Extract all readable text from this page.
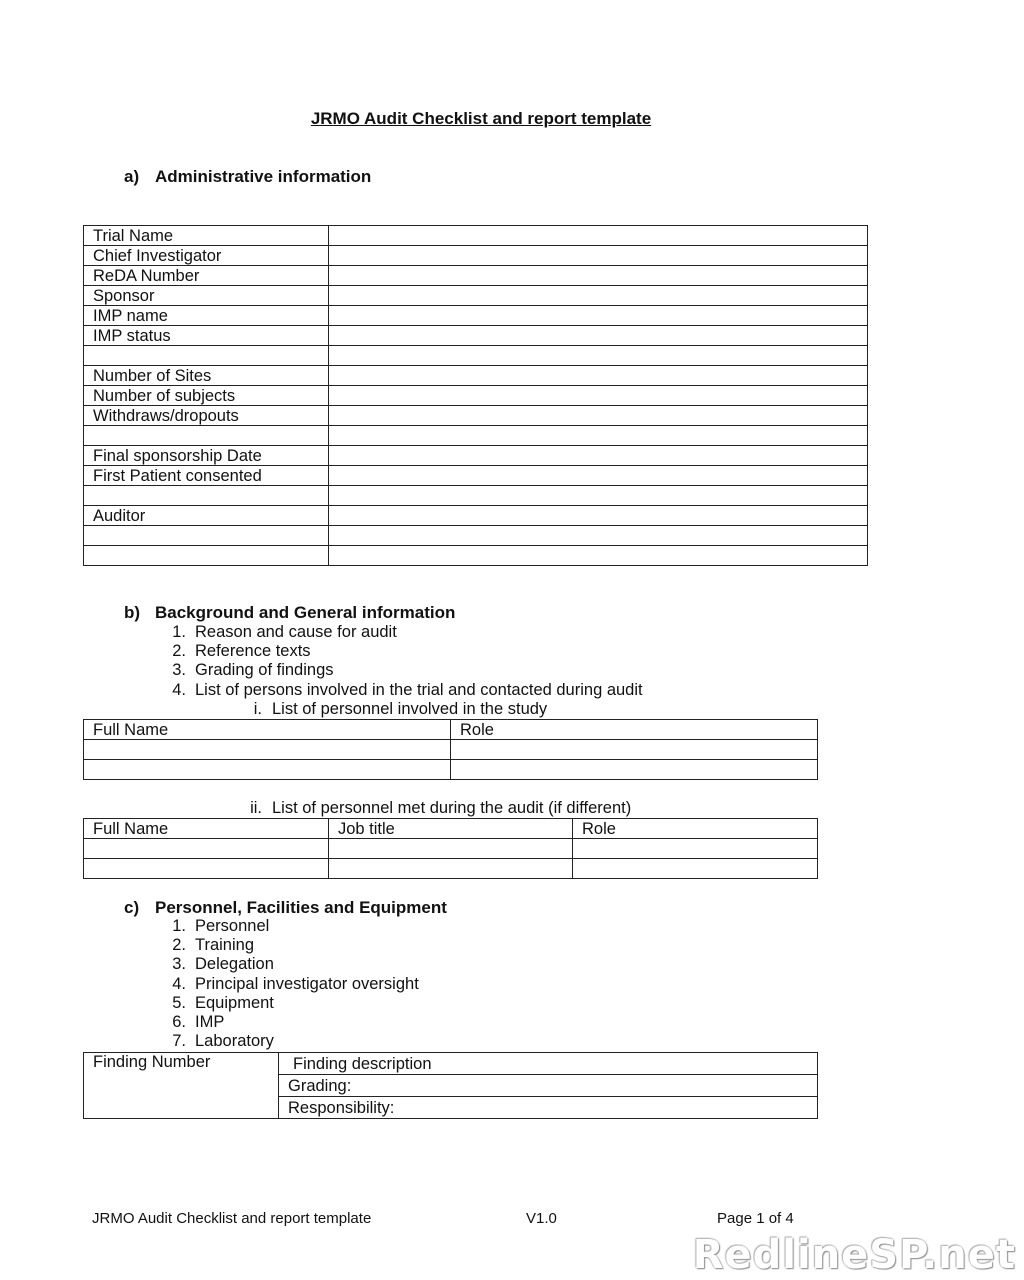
JRMO Audit Checklist and report template
a) Administrative information
Trial Name	
Chief Investigator	
ReDA Number	
Sponsor	
IMP name	
IMP status	

Number of Sites	
Number of subjects	
Withdraws/dropouts	

Final sponsorship Date	
First Patient consented	

Auditor	

b) Background and General information
1. Reason and cause for audit
2. Reference texts
3. Grading of findings
4. List of persons involved in the trial and contacted during audit
i. List of personnel involved in the study
Full Name	Role

ii. List of personnel met during the audit (if different)
Full Name	Job title	Role

c) Personnel, Facilities and Equipment
1. Personnel
2. Training
3. Delegation
4. Principal investigator oversight
5. Equipment
6. IMP
7. Laboratory
Finding Number	Finding description
Grading:
Responsibility:
JRMO Audit Checklist and report template	V1.0	Page 1 of 4
RedlineSP.net
